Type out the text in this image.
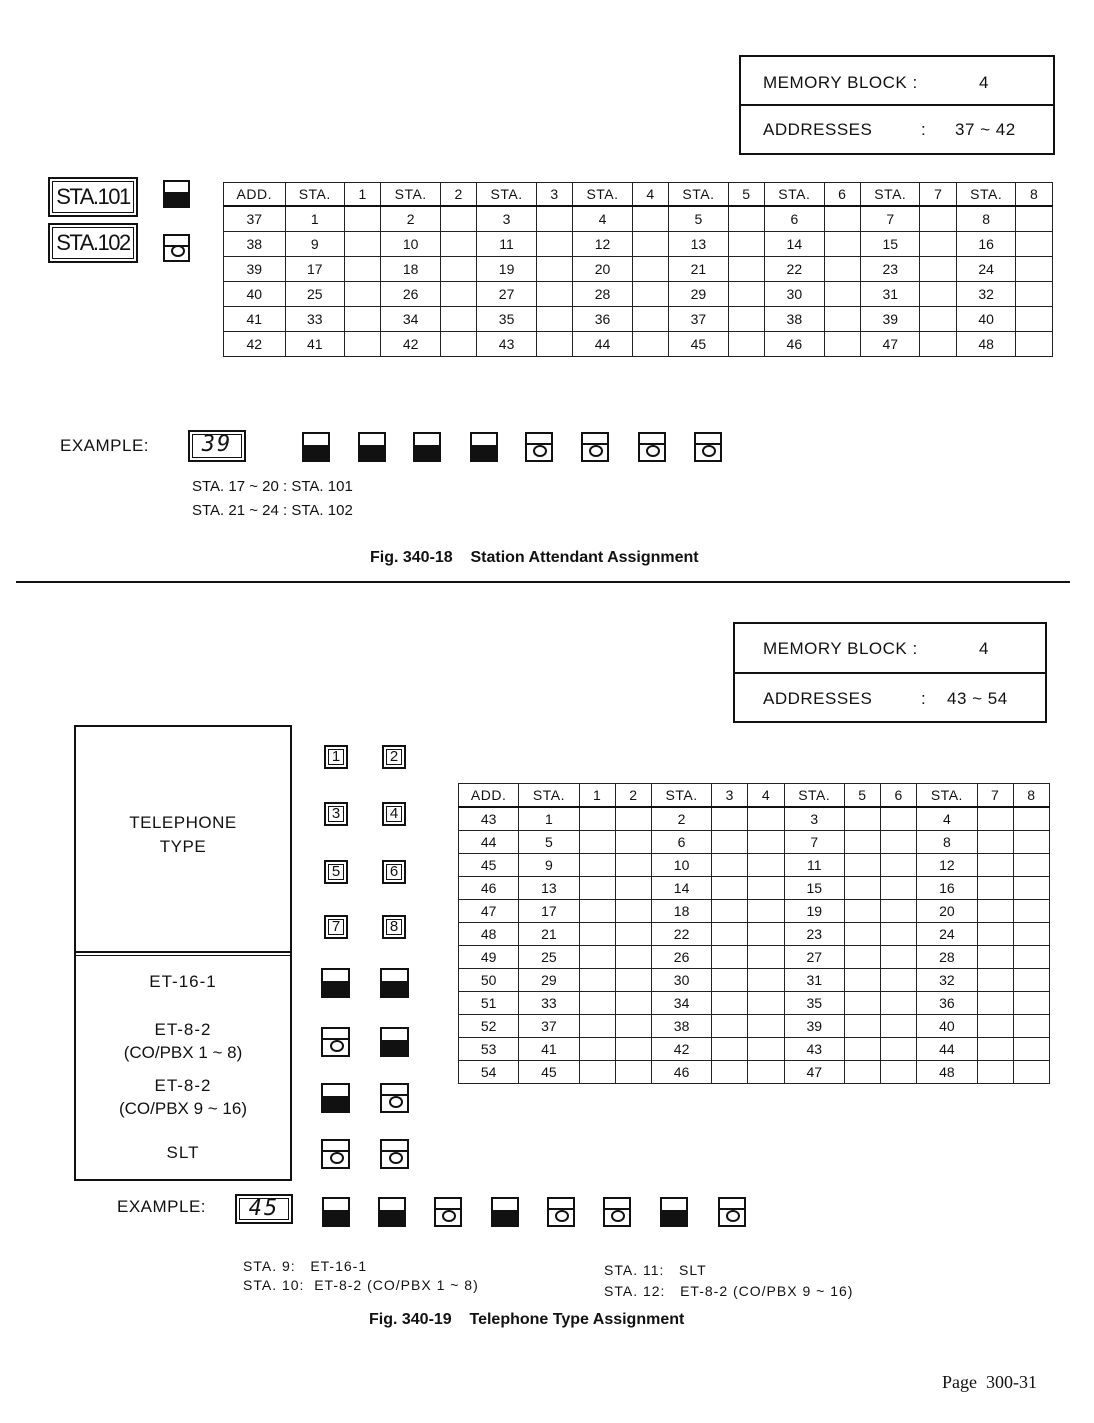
MEMORY BLOCK :	4
ADDRESSES	: 37 ~ 42
STA.101
STA.102
ADD.	STA.	1	STA.	2	STA.	3	STA.	4	STA.	5	STA.	6	STA.	7	STA.	8
37	1		2		3		4		5		6		7		8	
38	9		10		11		12		13		14		15		16	
39	17		18		19		20		21		22		23		24	
40	25		26		27		28		29		30		31		32	
41	33		34		35		36		37		38		39		40	
42	41		42		43		44		45		46		47		48	
EXAMPLE:	39
STA. 17 ~ 20 : STA. 101
STA. 21 ~ 24 : STA. 102
Fig. 340-18    Station Attendant Assignment
MEMORY BLOCK :	4
ADDRESSES	: 43 ~ 54
TELEPHONE
TYPE
ET-16-1
ET-8-2
(CO/PBX 1 ~ 8)
ET-8-2
(CO/PBX 9 ~ 16)
SLT
1	2
3	4
5	6
7	8
ADD.	STA.	1	2	STA.	3	4	STA.	5	6	STA.	7	8
43	1			2			3			4		
44	5			6			7			8		
45	9			10			11			12		
46	13			14			15			16		
47	17			18			19			20		
48	21			22			23			24		
49	25			26			27			28		
50	29			30			31			32		
51	33			34			35			36		
52	37			38			39			40		
53	41			42			43			44		
54	45			46			47			48		
EXAMPLE:	45
STA. 9:   ET-16-1
STA. 10:  ET-8-2 (CO/PBX 1 ~ 8)
STA. 11:   SLT
STA. 12:   ET-8-2 (CO/PBX 9 ~ 16)
Fig. 340-19    Telephone Type Assignment
Page  300-31
